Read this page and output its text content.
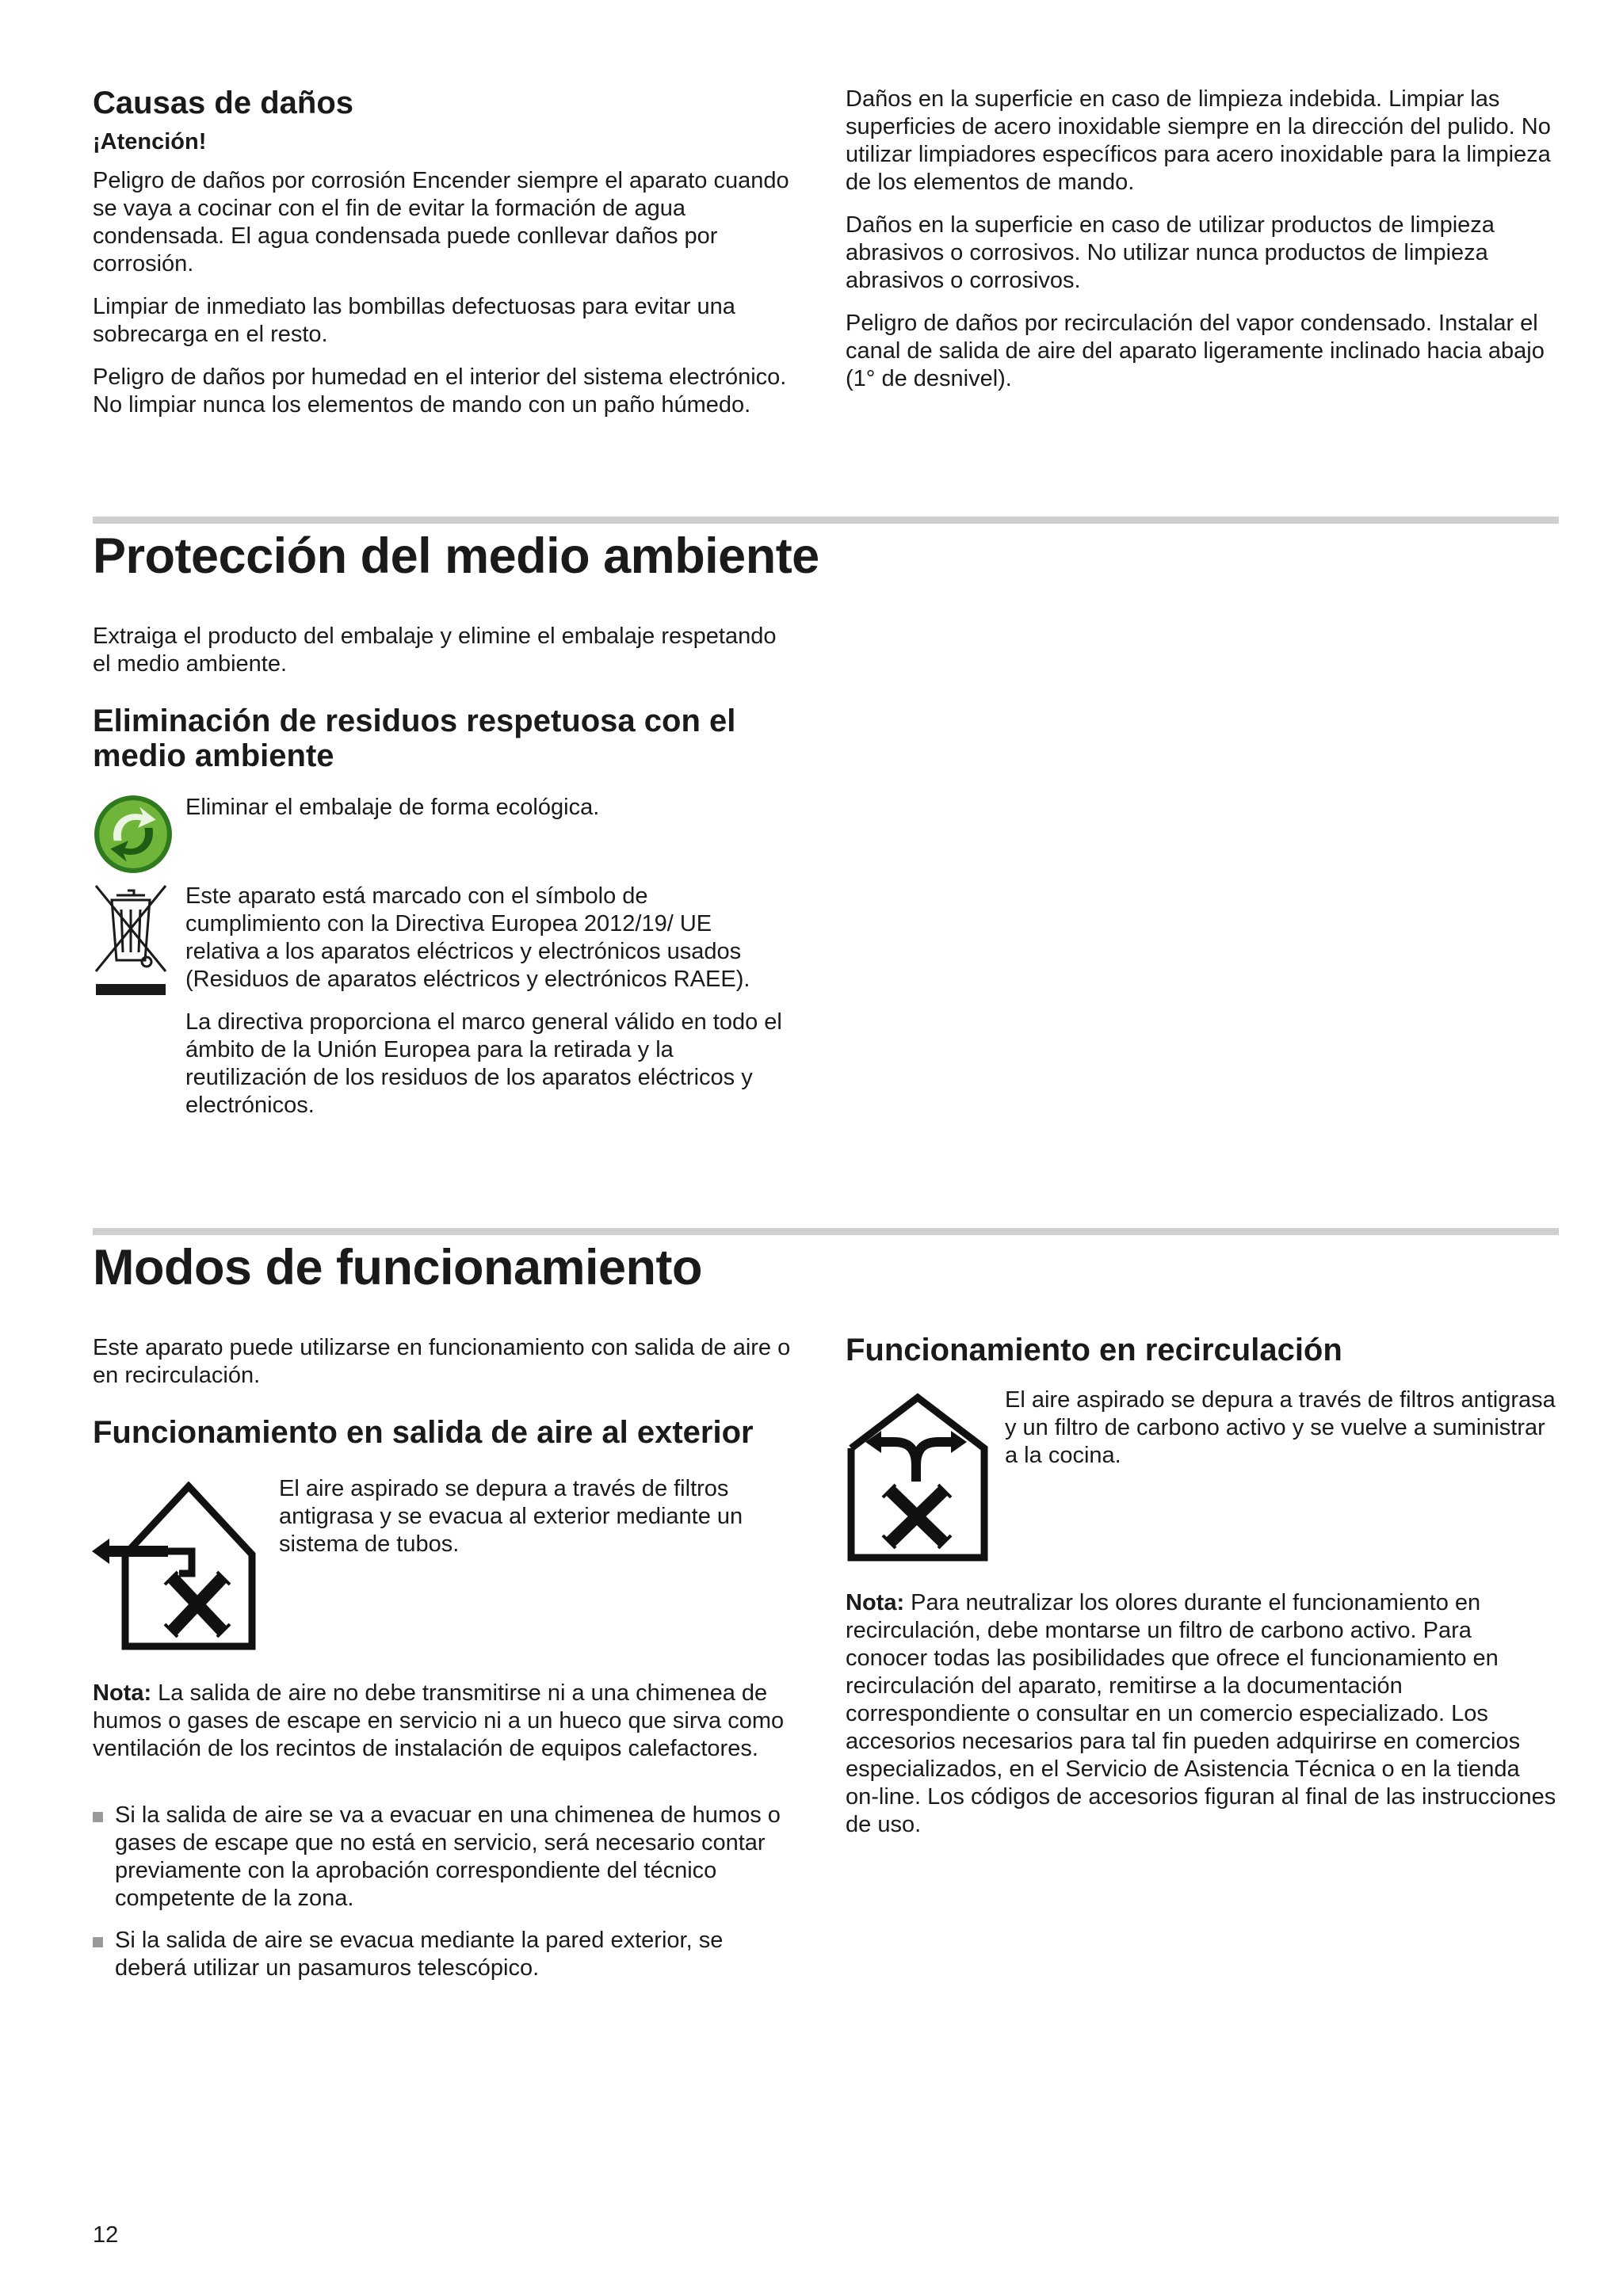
Causas de daños

¡Atención!

Peligro de daños por corrosión Encender siempre el aparato cuando se vaya a cocinar con el fin de evitar la formación de agua condensada. El agua condensada puede conllevar daños por corrosión.

Limpiar de inmediato las bombillas defectuosas para evitar una sobrecarga en el resto.

Peligro de daños por humedad en el interior del sistema electrónico. No limpiar nunca los elementos de mando con un paño húmedo.

Daños en la superficie en caso de limpieza indebida. Limpiar las superficies de acero inoxidable siempre en la dirección del pulido. No utilizar limpiadores específicos para acero inoxidable para la limpieza de los elementos de mando.

Daños en la superficie en caso de utilizar productos de limpieza abrasivos o corrosivos. No utilizar nunca productos de limpieza abrasivos o corrosivos.

Peligro de daños por recirculación del vapor condensado. Instalar el canal de salida de aire del aparato ligeramente inclinado hacia abajo (1° de desnivel).

Protección del medio ambiente

Extraiga el producto del embalaje y elimine el embalaje respetando el medio ambiente.

Eliminación de residuos respetuosa con el medio ambiente

Eliminar el embalaje de forma ecológica.

Este aparato está marcado con el símbolo de cumplimiento con la Directiva Europea 2012/19/ UE relativa a los aparatos eléctricos y electrónicos usados (Residuos de aparatos eléctricos y electrónicos RAEE).

La directiva proporciona el marco general válido en todo el ámbito de la Unión Europea para la retirada y la reutilización de los residuos de los aparatos eléctricos y electrónicos.

Modos de funcionamiento

Este aparato puede utilizarse en funcionamiento con salida de aire o en recirculación.

Funcionamiento en salida de aire al exterior

El aire aspirado se depura a través de filtros antigrasa y se evacua al exterior mediante un sistema de tubos.

Nota: La salida de aire no debe transmitirse ni a una chimenea de humos o gases de escape en servicio ni a un hueco que sirva como ventilación de los recintos de instalación de equipos calefactores.

Si la salida de aire se va a evacuar en una chimenea de humos o gases de escape que no está en servicio, será necesario contar previamente con la aprobación correspondiente del técnico competente de la zona.
Si la salida de aire se evacua mediante la pared exterior, se deberá utilizar un pasamuros telescópico.
Funcionamiento en recirculación

El aire aspirado se depura a través de filtros antigrasa y un filtro de carbono activo y se vuelve a suministrar a la cocina.

Nota: Para neutralizar los olores durante el funcionamiento en recirculación, debe montarse un filtro de carbono activo. Para conocer todas las posibilidades que ofrece el funcionamiento en recirculación del aparato, remitirse a la documentación correspondiente o consultar en un comercio especializado. Los accesorios necesarios para tal fin pueden adquirirse en comercios especializados, en el Servicio de Asistencia Técnica o en la tienda on-line. Los códigos de accesorios figuran al final de las instrucciones de uso.

12
